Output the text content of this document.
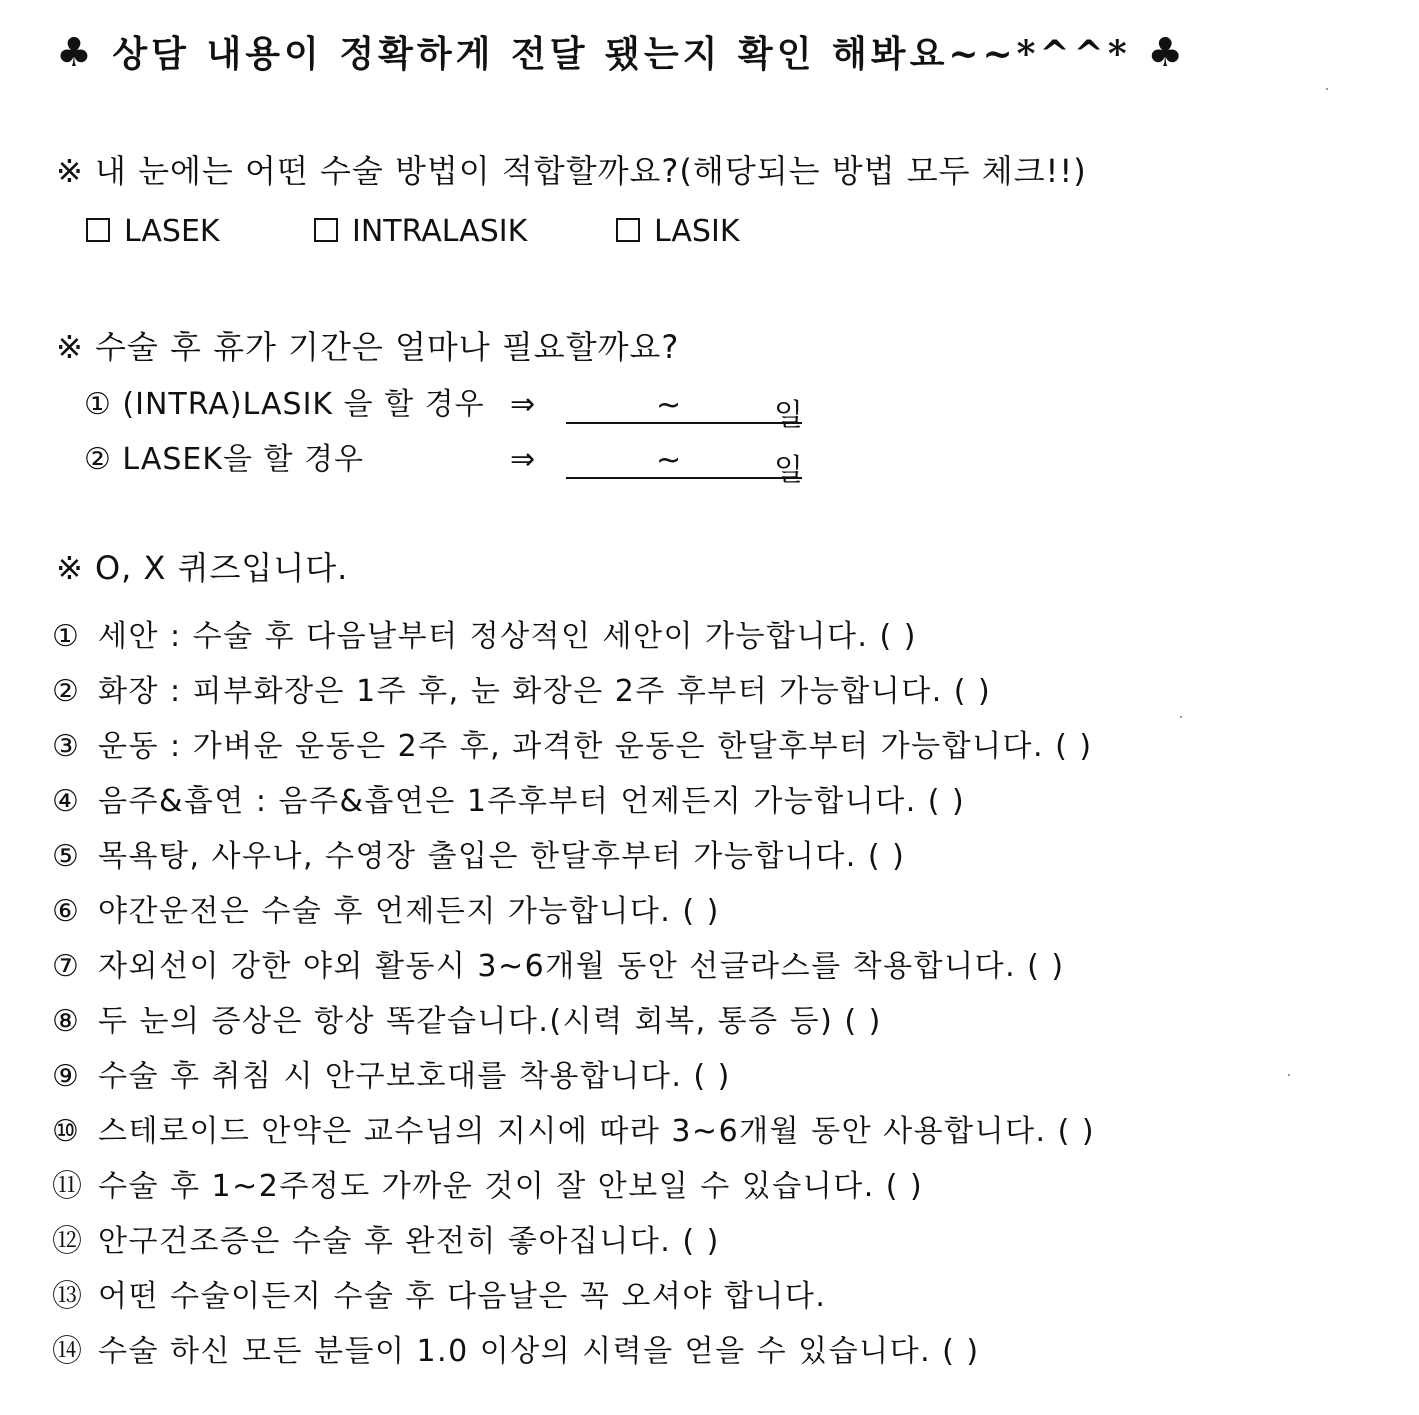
♣ 상담 내용이 정확하게 전달 됐는지 확인 해봐요~~*^^* ♣
※ 내 눈에는 어떤 수술 방법이 적합할까요?(해당되는 방법 모두 체크!!)
LASEK	INTRALASIK	LASIK
※ 수술 후 휴가 기간은 얼마나 필요할까요?
① (INTRA)LASIK 을 할 경우 ⇒	~	일
② LASEK을 할 경우	⇒	~	일
※ O, X 퀴즈입니다.
① 세안 : 수술 후 다음날부터 정상적인 세안이 가능합니다. ( )
② 화장 : 피부화장은 1주 후, 눈 화장은 2주 후부터 가능합니다. ( )
③ 운동 : 가벼운 운동은 2주 후, 과격한 운동은 한달후부터 가능합니다. ( )
④ 음주&흡연 : 음주&흡연은 1주후부터 언제든지 가능합니다. ( )
⑤ 목욕탕, 사우나, 수영장 출입은 한달후부터 가능합니다. ( )
⑥ 야간운전은 수술 후 언제든지 가능합니다. ( )
⑦ 자외선이 강한 야외 활동시 3~6개월 동안 선글라스를 착용합니다. ( )
⑧ 두 눈의 증상은 항상 똑같습니다.(시력 회복, 통증 등) ( )
⑨ 수술 후 취침 시 안구보호대를 착용합니다. ( )
⑩ 스테로이드 안약은 교수님의 지시에 따라 3~6개월 동안 사용합니다. ( )
⑪ 수술 후 1~2주정도 가까운 것이 잘 안보일 수 있습니다. ( )
⑫ 안구건조증은 수술 후 완전히 좋아집니다. ( )
⑬ 어떤 수술이든지 수술 후 다음날은 꼭 오셔야 합니다.
⑭ 수술 하신 모든 분들이 1.0 이상의 시력을 얻을 수 있습니다. ( )
